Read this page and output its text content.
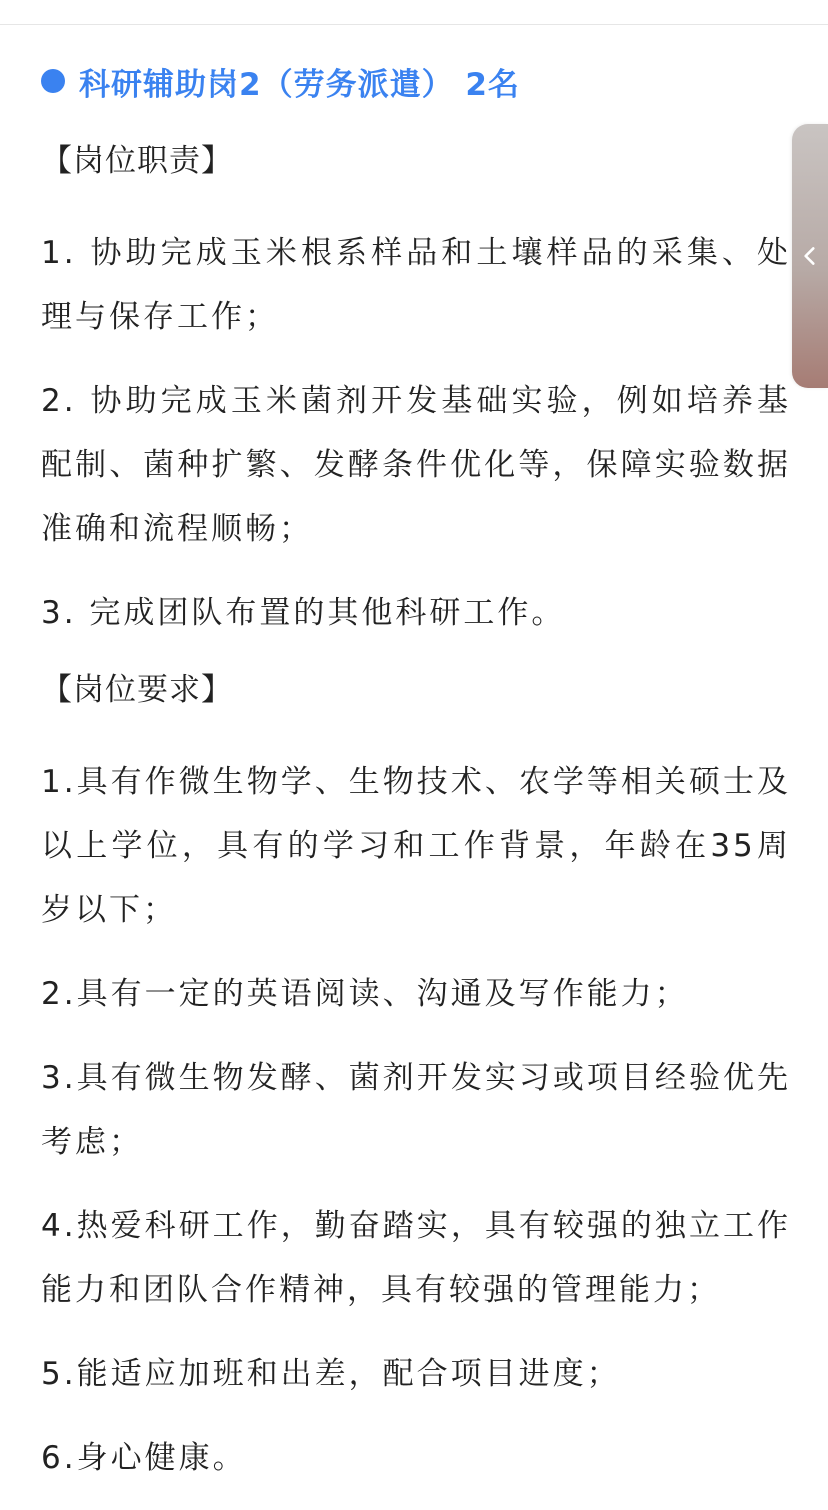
科研辅助岗2（劳务派遣） 2名

【岗位职责】

1. 协助完成玉米根系样品和土壤样品的采集、处理与保存工作；

2. 协助完成玉米菌剂开发基础实验，例如培养基配制、菌种扩繁、发酵条件优化等，保障实验数据准确和流程顺畅；

3. 完成团队布置的其他科研工作。

【岗位要求】

1.具有作微生物学、生物技术、农学等相关硕士及以上学位，具有的学习和工作背景，年龄在35周岁以下；

2.具有一定的英语阅读、沟通及写作能力；

3.具有微生物发酵、菌剂开发实习或项目经验优先考虑；

4.热爱科研工作，勤奋踏实，具有较强的独立工作能力和团队合作精神，具有较强的管理能力；

5.能适应加班和出差，配合项目进度；

6.身心健康。
